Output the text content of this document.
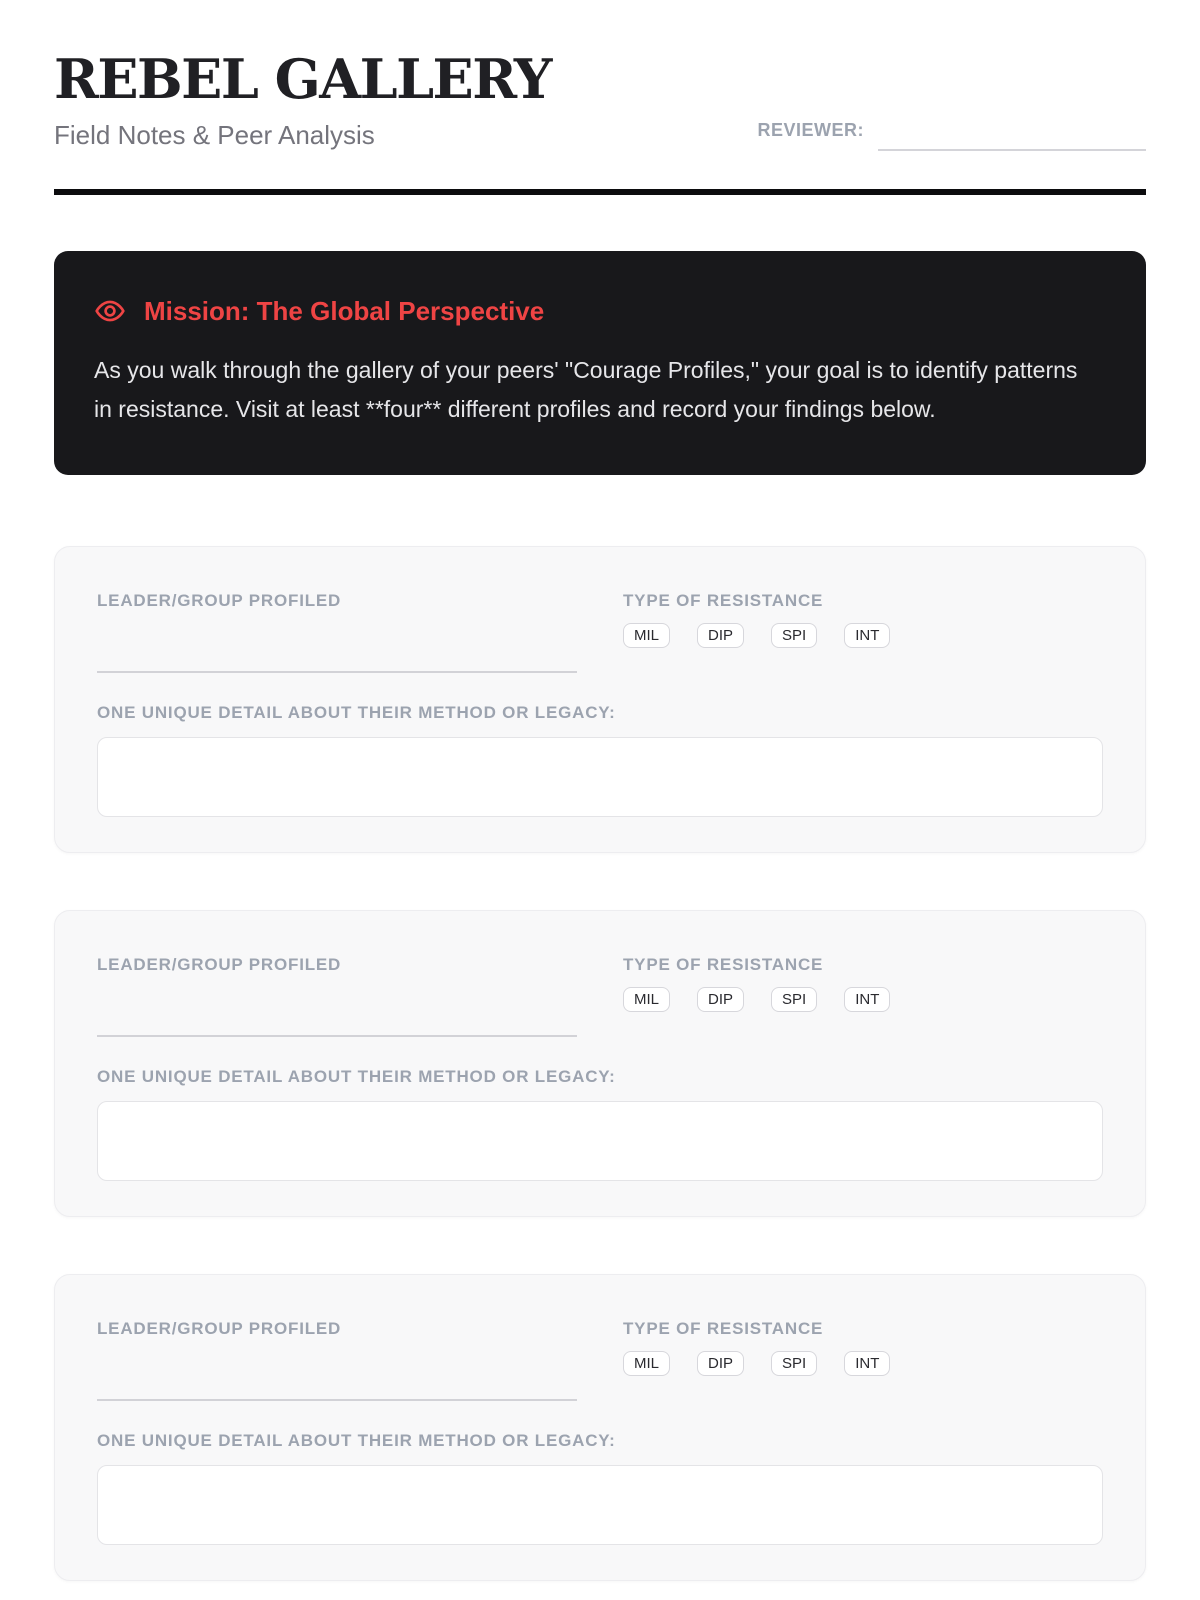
REBEL GALLERY
Field Notes & Peer Analysis	REVIEWER:
Mission: The Global Perspective

As you walk through the gallery of your peers' "Courage Profiles," your goal is to identify patterns in resistance. Visit at least **four** different profiles and record your findings below.

LEADER/GROUP PROFILED	TYPE OF RESISTANCE
MIL	DIP	SPI	INT
ONE UNIQUE DETAIL ABOUT THEIR METHOD OR LEGACY:
LEADER/GROUP PROFILED	TYPE OF RESISTANCE
MIL	DIP	SPI	INT
ONE UNIQUE DETAIL ABOUT THEIR METHOD OR LEGACY:
LEADER/GROUP PROFILED	TYPE OF RESISTANCE
MIL	DIP	SPI	INT
ONE UNIQUE DETAIL ABOUT THEIR METHOD OR LEGACY:
